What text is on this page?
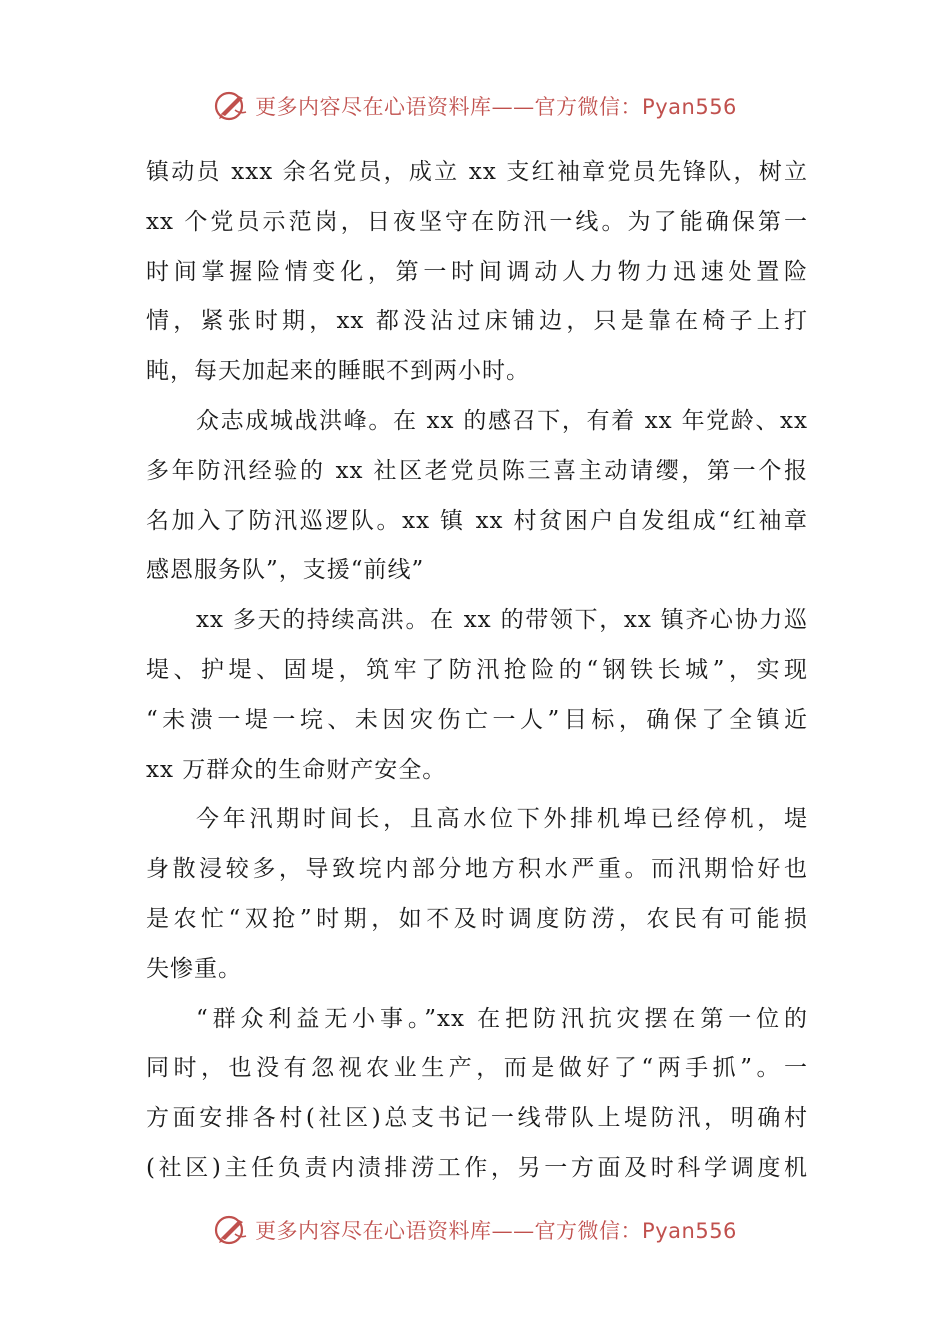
更多内容尽在心语资料库——官方微信：Pyan556
镇动员 xxx 余名党员，成立 xx 支红袖章党员先锋队，树立
xx 个党员示范岗，日夜坚守在防汛一线。为了能确保第一
时间掌握险情变化，第一时间调动人力物力迅速处置险
情，紧张时期，xx 都没沾过床铺边，只是靠在椅子上打
盹，每天加起来的睡眠不到两小时。
众志成城战洪峰。在 xx 的感召下，有着 xx 年党龄、xx
多年防汛经验的 xx 社区老党员陈三喜主动请缨，第一个报
名加入了防汛巡逻队。xx 镇 xx 村贫困户自发组成“红袖章
感恩服务队”，支援“前线”
xx 多天的持续高洪。在 xx 的带领下，xx 镇齐心协力巡
堤、护堤、固堤，筑牢了防汛抢险的“钢铁长城”，实现
“未溃一堤一垸、未因灾伤亡一人”目标，确保了全镇近
xx 万群众的生命财产安全。
今年汛期时间长，且高水位下外排机埠已经停机，堤
身散浸较多，导致垸内部分地方积水严重。而汛期恰好也
是农忙“双抢”时期，如不及时调度防涝，农民有可能损
失惨重。
“群众利益无小事。”xx 在把防汛抗灾摆在第一位的
同时，也没有忽视农业生产，而是做好了“两手抓”。一
方面安排各村(社区)总支书记一线带队上堤防汛，明确村
(社区)主任负责内渍排涝工作，另一方面及时科学调度机
更多内容尽在心语资料库——官方微信：Pyan556
